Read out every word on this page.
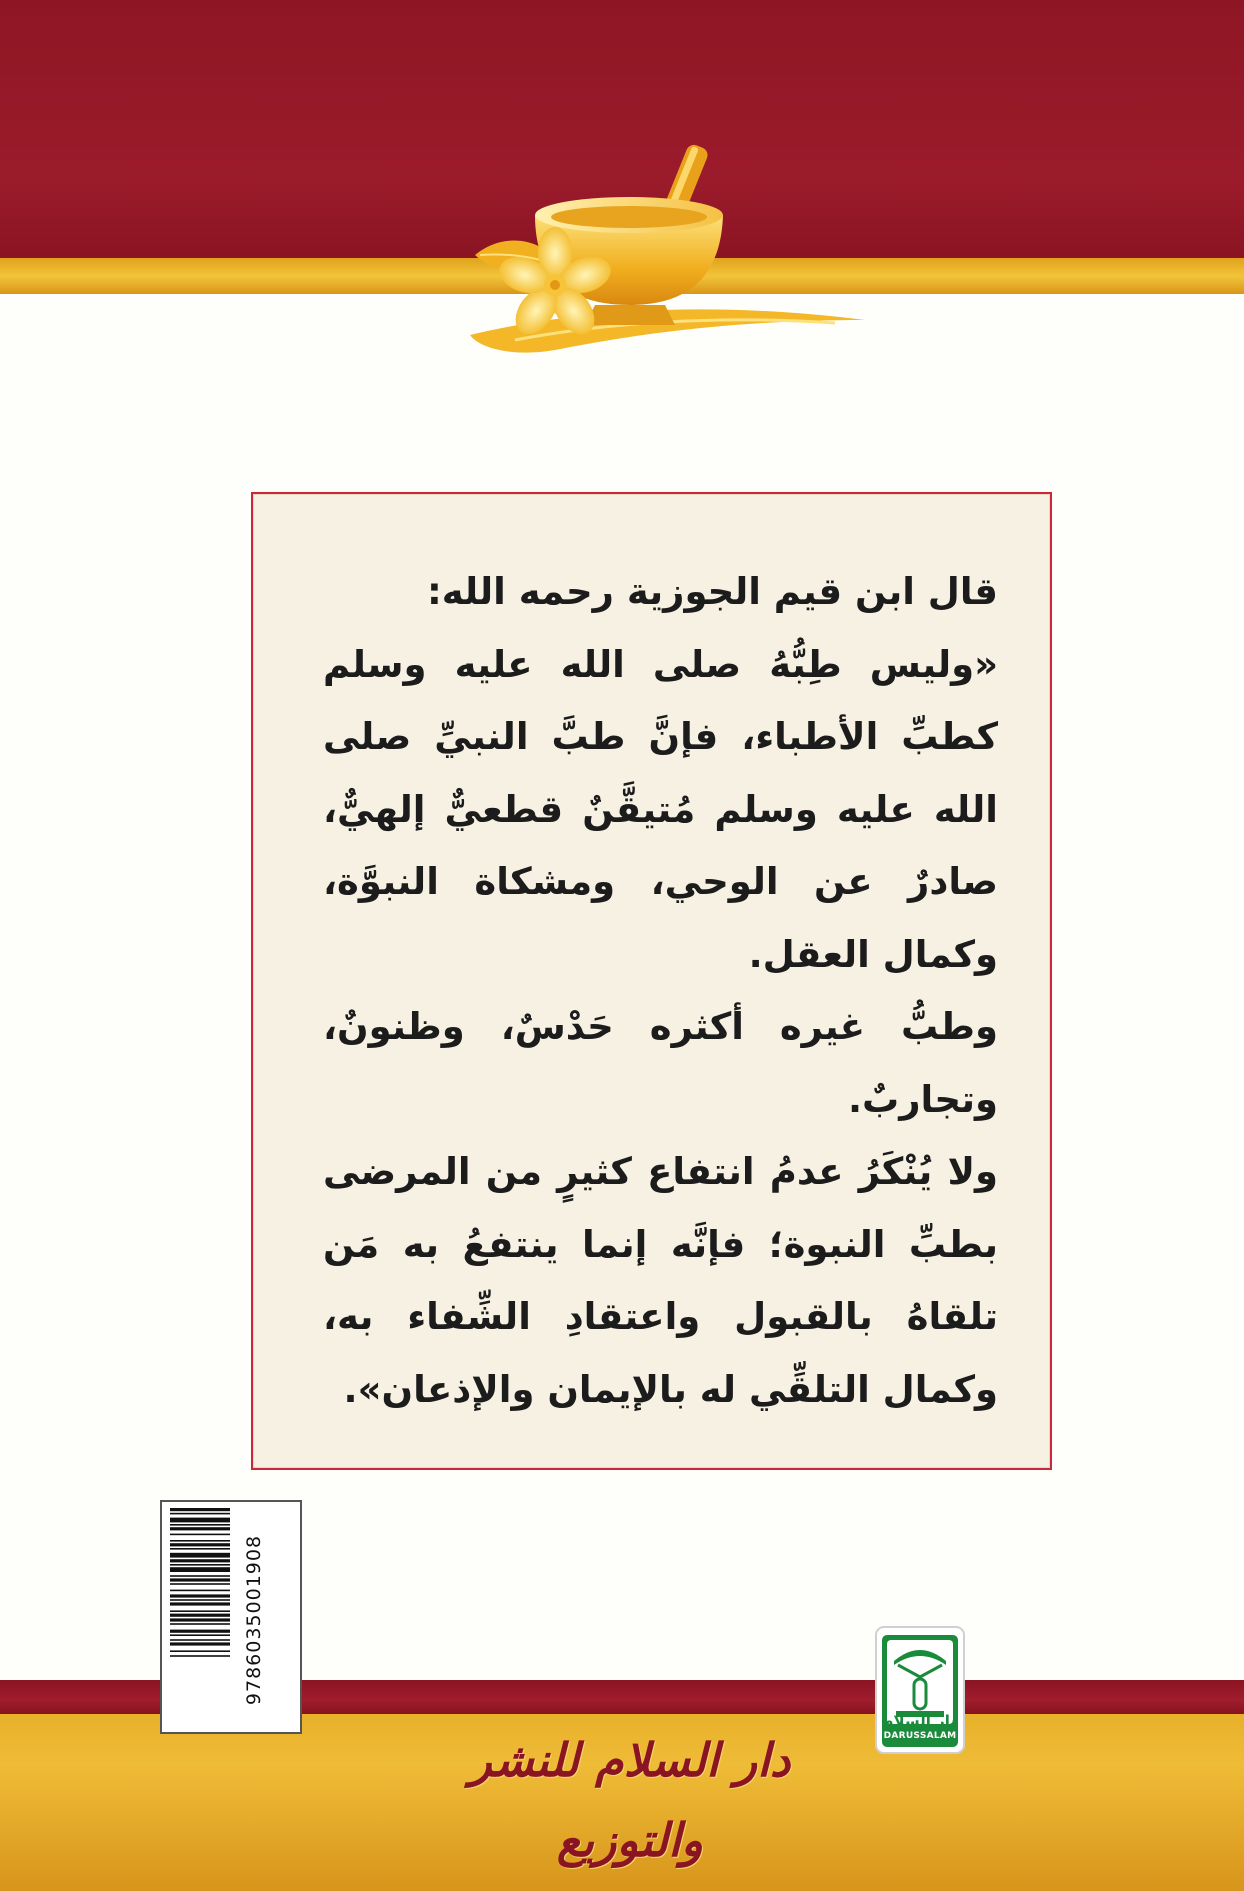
قال ابن قيم الجوزية رحمه الله:

«وليس طِبُّهُ صلى الله عليه وسلم كطبِّ الأطباء، فإنَّ طبَّ النبيِّ صلى الله عليه وسلم مُتيقَّنٌ قطعيٌّ إلهيٌّ، صادرٌ عن الوحي، ومشكاة النبوَّة، وكمال العقل.

وطبُّ غيره أكثره حَدْسٌ، وظنونٌ، وتجاربٌ.

ولا يُنْكَرُ عدمُ انتفاع كثيرٍ من المرضى بطبِّ النبوة؛ فإنَّه إنما ينتفعُ به مَن تلقاهُ بالقبول واعتقادِ الشِّفاء به، وكمال التلقِّي له بالإيمان والإذعان».

9786035001908
دار السلام للنشر والتوزيع
دار السلام
DARUSSALAM
